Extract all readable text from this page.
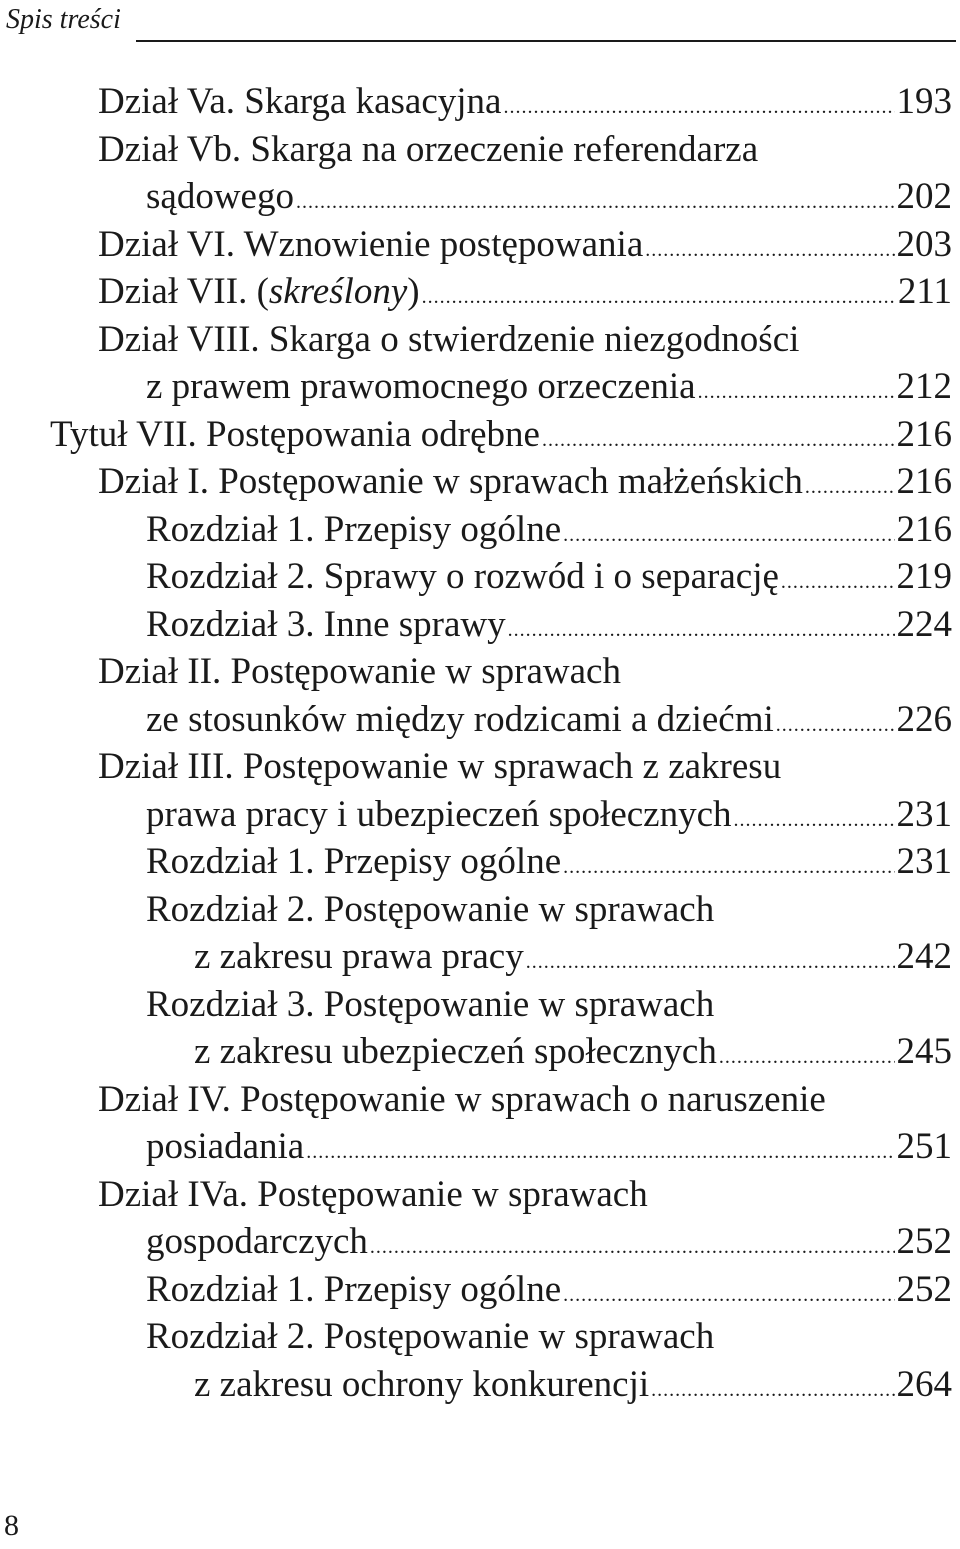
Spis treści
Dział Va. Skarga kasacyjna .....	193
Dział Vb. Skarga na orzeczenie referendarza
sądowego .....	202
Dział VI. Wznowienie postępowania .....	203
Dział VII. (skreślony) .....	211
Dział VIII. Skarga o stwierdzenie niezgodności
z prawem prawomocnego orzeczenia .....	212
Tytuł VII. Postępowania odrębne .....	216
Dział I. Postępowanie w sprawach małżeńskich .....	216
Rozdział 1. Przepisy ogólne .....	216
Rozdział 2. Sprawy o rozwód i o separację .....	219
Rozdział 3. Inne sprawy .....	224
Dział II. Postępowanie w sprawach
ze stosunków między rodzicami a dziećmi .....	226
Dział III. Postępowanie w sprawach z zakresu
prawa pracy i ubezpieczeń społecznych .....	231
Rozdział 1. Przepisy ogólne .....	231
Rozdział 2. Postępowanie w sprawach
z zakresu prawa pracy .....	242
Rozdział 3. Postępowanie w sprawach
z zakresu ubezpieczeń społecznych .....	245
Dział IV. Postępowanie w sprawach o naruszenie
posiadania .....	251
Dział IVa. Postępowanie w sprawach
gospodarczych .....	252
Rozdział 1. Przepisy ogólne .....	252
Rozdział 2. Postępowanie w sprawach
z zakresu ochrony konkurencji .....	264
8
